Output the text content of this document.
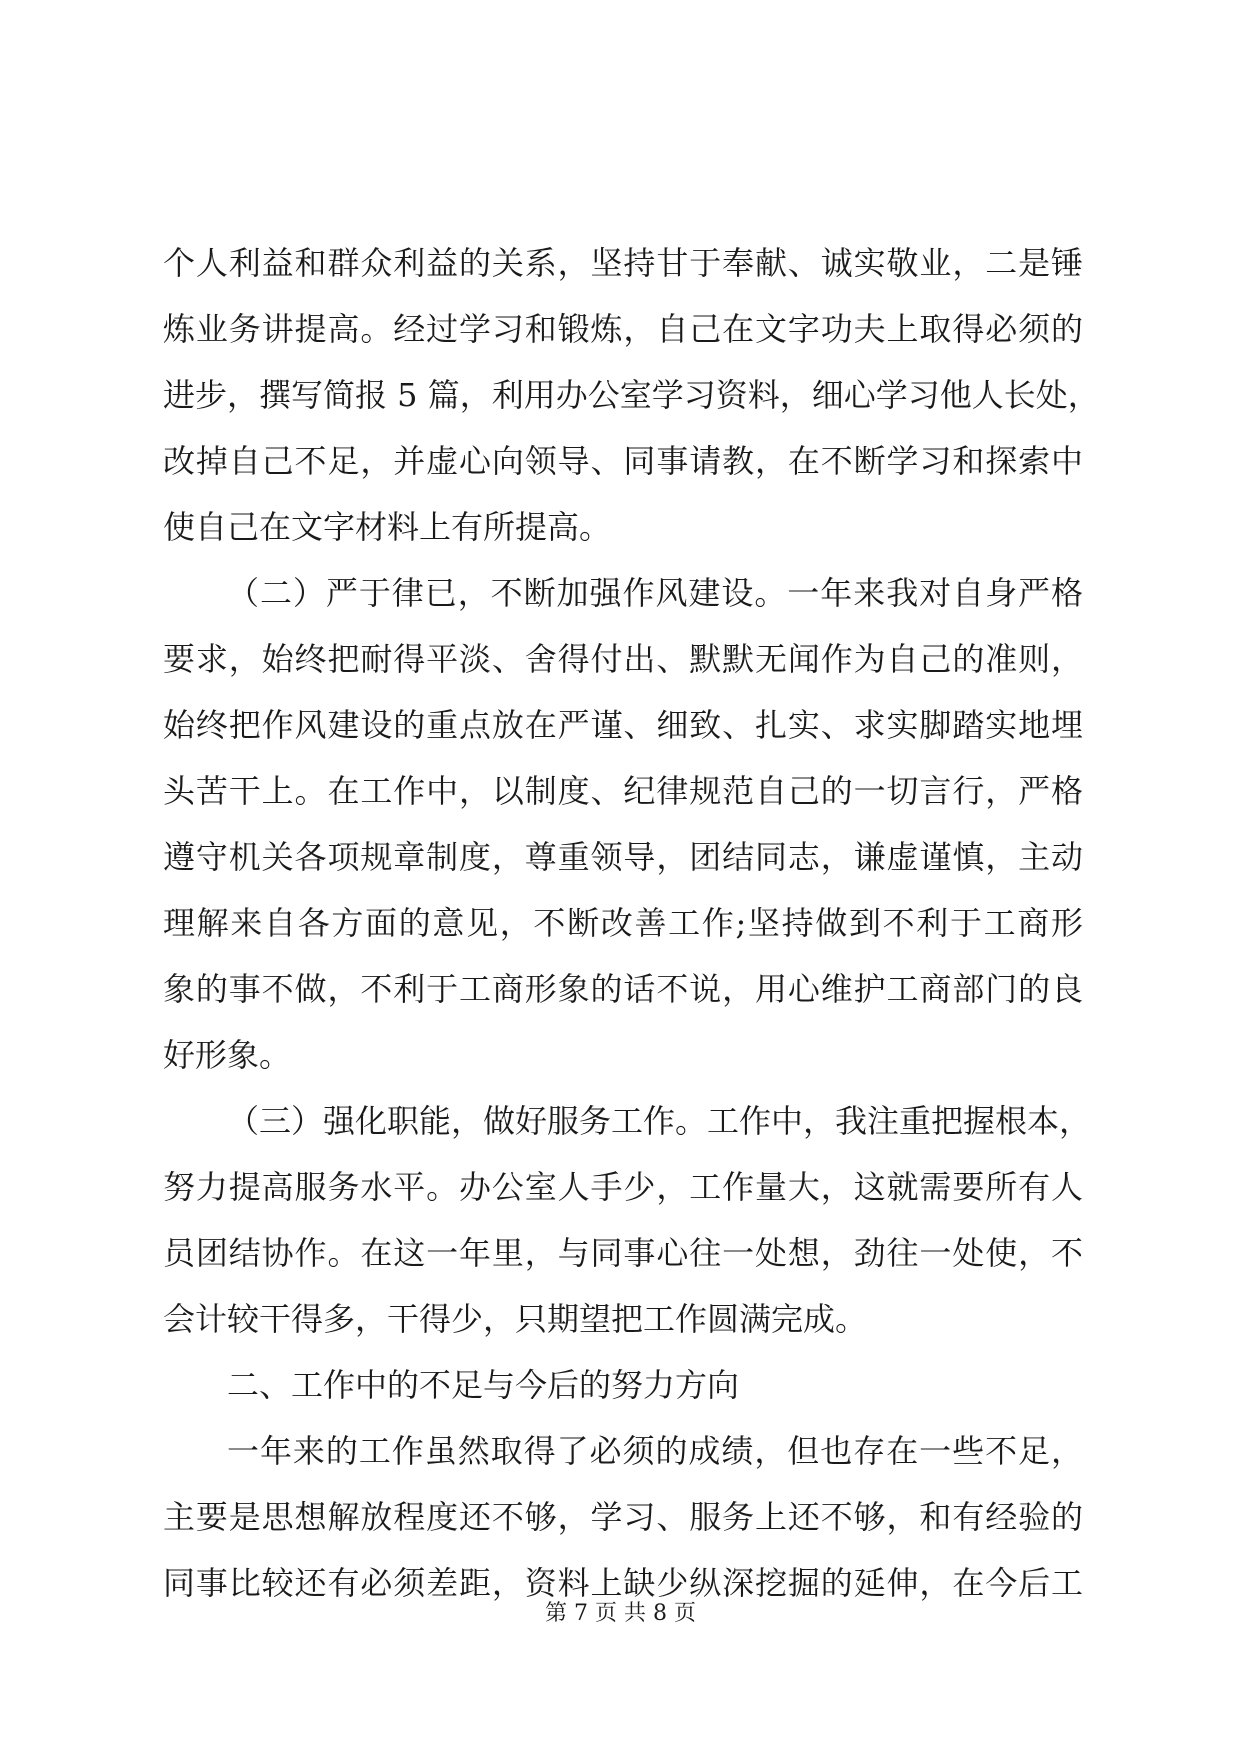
个人利益和群众利益的关系，坚持甘于奉献、诚实敬业，二是锤
炼业务讲提高。经过学习和锻炼，自己在文字功夫上取得必须的
进步，撰写简报 5 篇，利用办公室学习资料，细心学习他人长处，
改掉自己不足，并虚心向领导、同事请教，在不断学习和探索中
使自己在文字材料上有所提高。
（二）严于律已，不断加强作风建设。一年来我对自身严格
要求，始终把耐得平淡、舍得付出、默默无闻作为自己的准则，
始终把作风建设的重点放在严谨、细致、扎实、求实脚踏实地埋
头苦干上。在工作中，以制度、纪律规范自己的一切言行，严格
遵守机关各项规章制度，尊重领导，团结同志，谦虚谨慎，主动
理解来自各方面的意见，不断改善工作;坚持做到不利于工商形
象的事不做，不利于工商形象的话不说，用心维护工商部门的良
好形象。
（三）强化职能，做好服务工作。工作中，我注重把握根本，
努力提高服务水平。办公室人手少，工作量大，这就需要所有人
员团结协作。在这一年里，与同事心往一处想，劲往一处使，不
会计较干得多，干得少，只期望把工作圆满完成。
二、工作中的不足与今后的努力方向
一年来的工作虽然取得了必须的成绩，但也存在一些不足，
主要是思想解放程度还不够，学习、服务上还不够，和有经验的
同事比较还有必须差距，资料上缺少纵深挖掘的延伸，在今后工
第 7 页 共 8 页
